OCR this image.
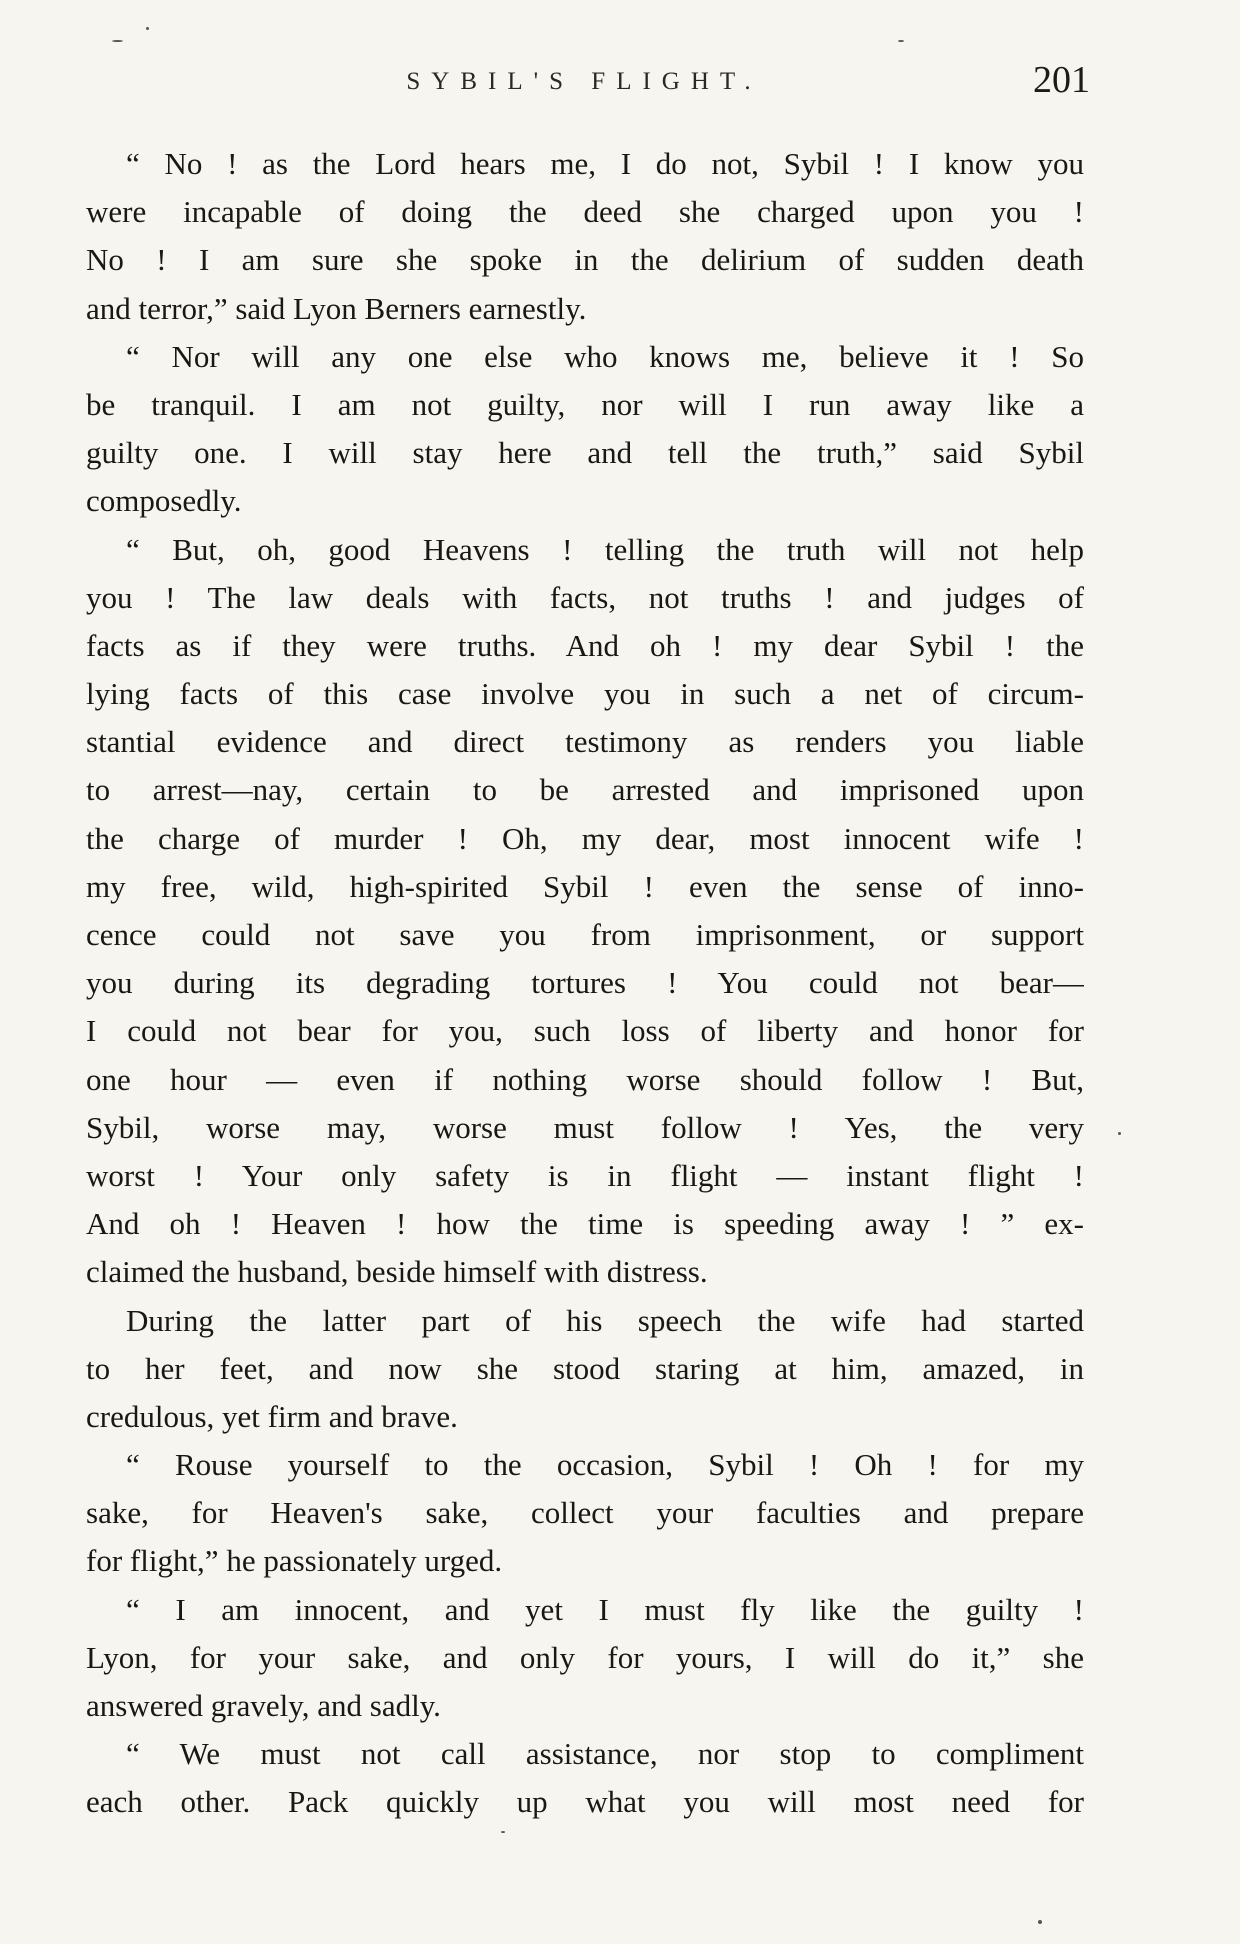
SYBIL'S FLIGHT.	201
“ No ! as the Lord hears me, I do not, Sybil ! I know you
were incapable of doing the deed she charged upon you !
No ! I am sure she spoke in the delirium of sudden death
and terror,” said Lyon Berners earnestly.
“ Nor will any one else who knows me, believe it ! So
be tranquil. I am not guilty, nor will I run away like a
guilty one. I will stay here and tell the truth,” said Sybil
composedly.
“ But, oh, good Heavens ! telling the truth will not help
you ! The law deals with facts, not truths ! and judges of
facts as if they were truths. And oh ! my dear Sybil ! the
lying facts of this case involve you in such a net of circum-
stantial evidence and direct testimony as renders you liable
to arrest—nay, certain to be arrested and imprisoned upon
the charge of murder ! Oh, my dear, most innocent wife !
my free, wild, high-spirited Sybil ! even the sense of inno-
cence could not save you from imprisonment, or support
you during its degrading tortures ! You could not bear—
I could not bear for you, such loss of liberty and honor for
one hour — even if nothing worse should follow ! But,
Sybil, worse may, worse must follow ! Yes, the very
worst ! Your only safety is in flight — instant flight !
And oh ! Heaven ! how the time is speeding away ! ” ex-
claimed the husband, beside himself with distress.
During the latter part of his speech the wife had started
to her feet, and now she stood staring at him, amazed, in
credulous, yet firm and brave.
“ Rouse yourself to the occasion, Sybil ! Oh ! for my
sake, for Heaven's sake, collect your faculties and prepare
for flight,” he passionately urged.
“ I am innocent, and yet I must fly like the guilty !
Lyon, for your sake, and only for yours, I will do it,” she
answered gravely, and sadly.
“ We must not call assistance, nor stop to compliment
each other. Pack quickly up what you will most need for
